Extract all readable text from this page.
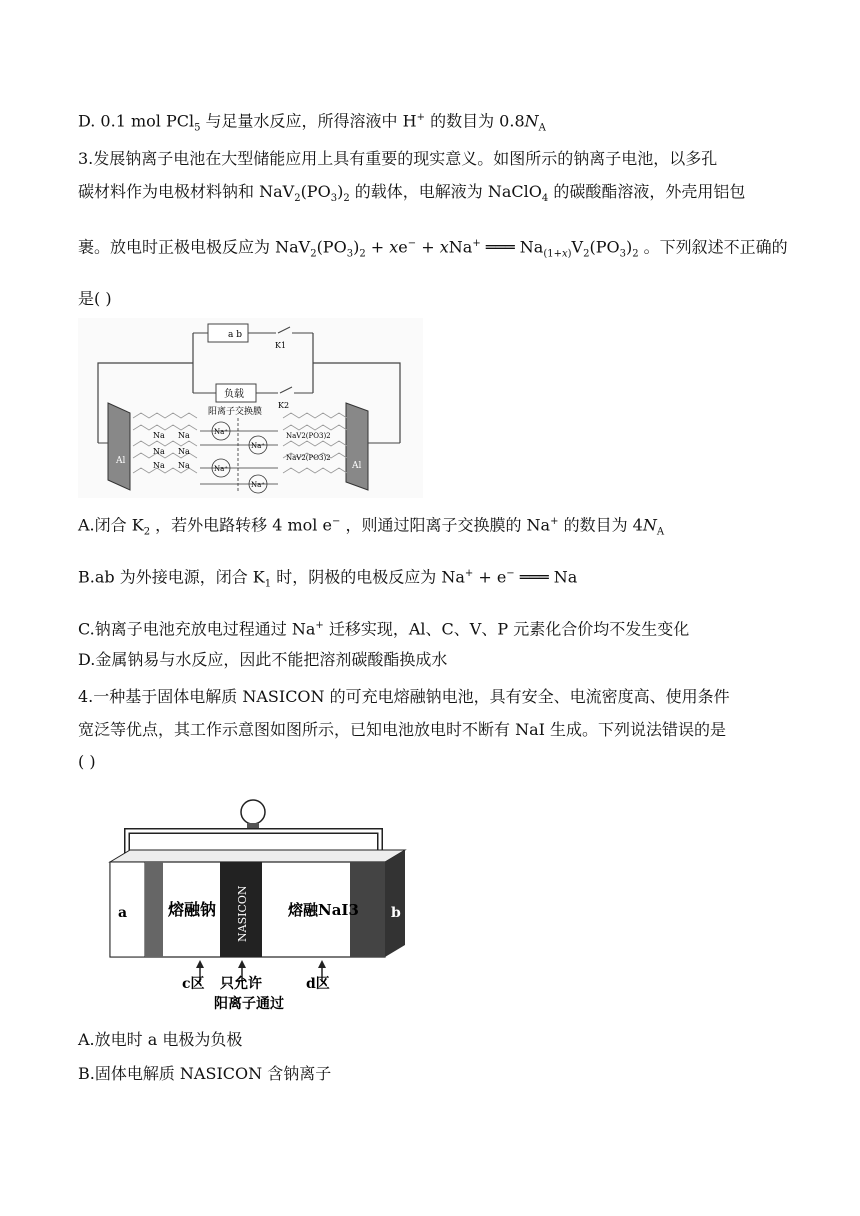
D. 0.1 mol PCl$_5$ 与足量水反应，所得溶液中 H+ 的数目为 $0.8N_A$
3.发展钠离子电池在大型储能应用上具有重要的现实意义。如图所示的钠离子电池，以多孔
碳材料作为电极材料钠和 $NaV_2(PO_3)_2$ 的载体，电解液为 NaClO$_4$ 的碳酸酯溶液，外壳用铝包
裹。放电时正极电极反应为 $NaV_2(PO_3)_2 + xe^- + xNa^+$ ═══ $Na_{(1+x)}V_2(PO_3)_2$ 。下列叙述不正确的
是( )
a b
K1
负载
K2
Al	Al
Na Na
Na Na
Na Na
NaV2(PO3)2
NaV2(PO3)2
阳离子交换膜
Na⁺
Na⁺
Na⁺
Na⁺
A.闭合 $K_2$ ，若外电路转移 4 mol e− ，则通过阳离子交换膜的 Na+ 的数目为 $4N_A$
B.ab 为外接电源，闭合 $K_1$ 时，阴极的电极反应为 Na+ + e− ═══ Na
C.钠离子电池充放电过程通过 Na+ 迁移实现，Al、C、V、P 元素化合价均不发生变化
D.金属钠易与水反应，因此不能把溶剂碳酸酯换成水
4.一种基于固体电解质 NASICON 的可充电熔融钠电池，具有安全、电流密度高、使用条件
宽泛等优点，其工作示意图如图所示，已知电池放电时不断有 NaI 生成。下列说法错误的是
( )
a	b
熔融钠	熔融NaI3
NASICON
c区 只允许	d区
阳离子通过
A.放电时 a 电极为负极
B.固体电解质 NASICON 含钠离子
